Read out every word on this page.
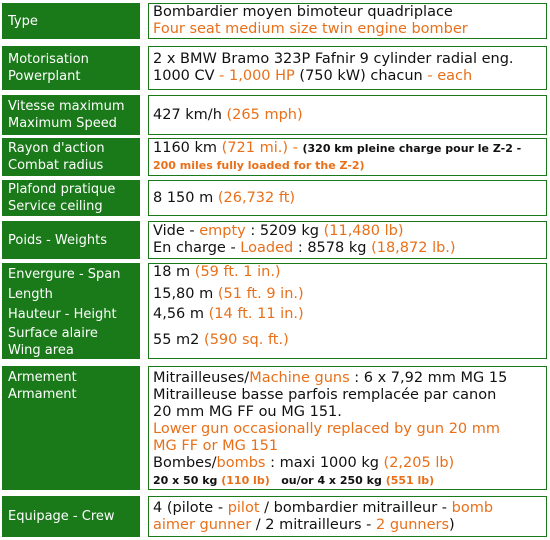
Type
Bombardier moyen bimoteur quadriplace
Four seat medium size twin engine bomber
Motorisation
Powerplant
2 x BMW Bramo 323P Fafnir 9 cylinder radial eng.
1000 CV - 1,000 HP (750 kW) chacun - each
Vitesse maximum
Maximum Speed
427 km/h (265 mph)
Rayon d'action
Combat radius
1160 km (721 mi.) - (320 km pleine charge pour le Z-2 -
200 miles fully loaded for the Z-2)
Plafond pratique
Service ceiling
8 150 m (26,732 ft)
Poids - Weights
Vide - empty : 5209 kg (11,480 lb)
En charge - Loaded : 8578 kg (18,872 lb.)
Envergure - Span
Length
Hauteur - Height
Surface alaire
Wing area
18 m (59 ft. 1 in.)
15,80 m (51 ft. 9 in.)
4,56 m (14 ft. 11 in.)
55 m2 (590 sq. ft.)
Armement
Armament
Mitrailleuses/Machine guns : 6 x 7,92 mm MG 15
Mitrailleuse basse parfois remplacée par canon
20 mm MG FF ou MG 151.
Lower gun occasionally replaced by gun 20 mm
MG FF or MG 151
Bombes/bombs : maxi 1000 kg (2,205 lb)
20 x 50 kg (110 lb)   ou/or 4 x 250 kg (551 lb)
Equipage - Crew
4 (pilote - pilot / bombardier mitrailleur - bomb
aimer gunner / 2 mitrailleurs - 2 gunners)
